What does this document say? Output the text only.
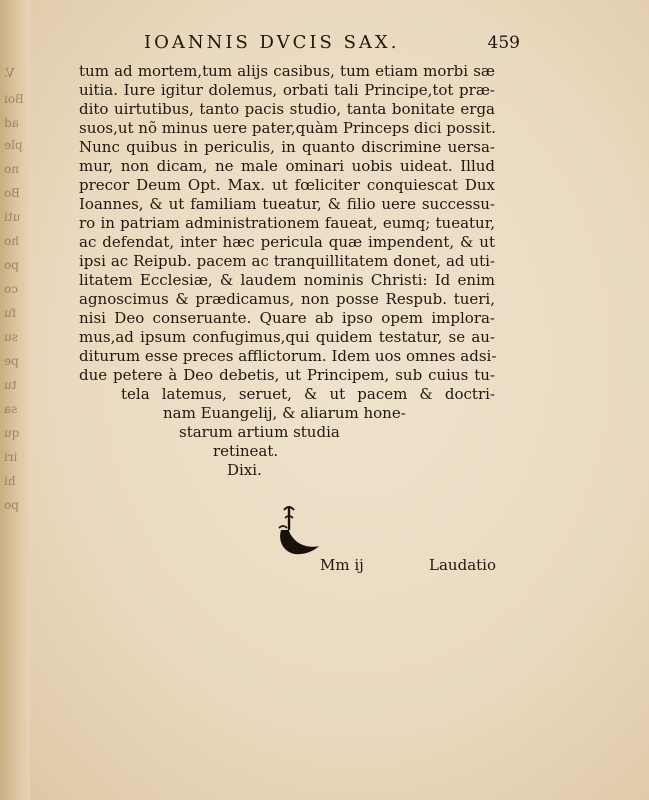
V.
Boi
ad
ple
no
Bo
uti
ho
po
co
fu
su
pe
tu
sa
qu
iri
hi
po
IOANNIS DVCIS SAX.	459
tum ad mortem,tum aliјs casibus, tum etiam morbi sæ
uitia. Iure igitur dolemus, orbati tali Principe,tot præ-
dito uirtutibus, tanto pacis studio, tanta bonitate erga
suos,ut nõ minus uere pater,quàm Princeps dici possit.
Nunc quibus in periculis, in quanto discrimine uersa-
mur, non dicam, ne male ominari uobis uideat. Illud
precor Deum Opt. Max. ut fœliciter conquiescat Dux
Ioannes, & ut familiam tueatur, & filio uere successu-
ro in patriam administrationem faueat, eumq; tueatur,
ac defendat, inter hæc pericula quæ impendent, & ut
ipsi ac Reipub. pacem ac tranquillitatem donet, ad uti-
litatem Ecclesiæ, & laudem nominis Christi: Id enim
agnoscimus & prædicamus, non posse Respub. tueri,
nisi Deo conseruante. Quare ab ipso opem implora-
mus,ad ipsum confugimus,qui quidem testatur, se au-
diturum esse preces afflictorum. Idem uos omnes adsi-
due petere à Deo debetis, ut Principem, sub cuius tu-
tela latemus, seruet, & ut pacem & doctri-
nam Euangelij, & aliarum hone-
starum artium studia
retineat.
Dixi.
Mm ij	Laudatio
